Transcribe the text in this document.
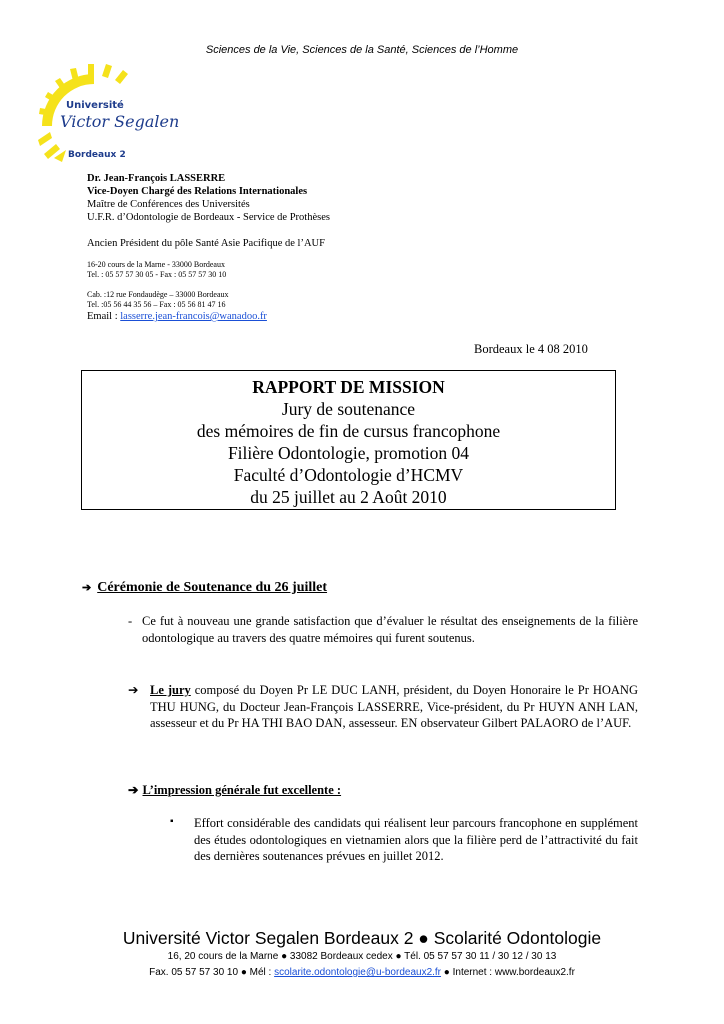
Sciences de la Vie, Sciences de la Santé, Sciences de l’Homme
Université
Victor Segalen
Bordeaux 2
Dr. Jean-François LASSERRE
Vice-Doyen Chargé des Relations Internationales
Maître de Conférences des Universités
U.F.R. d’Odontologie de Bordeaux - Service de Prothèses
Ancien Président du pôle Santé Asie Pacifique de l’AUF
16-20 cours de la Marne - 33000 Bordeaux
Tel. : 05 57 57 30 05 - Fax : 05 57 57 30 10
Cab. :12 rue Fondaudège – 33000 Bordeaux
Tel. :05 56 44 35 56 – Fax : 05 56 81 47 16
Email : lasserre.jean-francois@wanadoo.fr
Bordeaux le 4 08 2010
RAPPORT DE MISSION
Jury de soutenance
des mémoires de fin de cursus francophone
Filière Odontologie, promotion 04
Faculté d’Odontologie d’HCMV
du 25 juillet au 2 Août 2010
➔ Cérémonie de Soutenance du 26 juillet
- Ce fut à nouveau une grande satisfaction que d’évaluer le résultat des enseignements de la filière odontologique au travers des quatre mémoires qui furent soutenus.
➔ Le jury composé du Doyen Pr LE DUC LANH, président, du Doyen Honoraire le Pr HOANG THU HUNG, du Docteur Jean-François LASSERRE, Vice-président, du Pr HUYN ANH LAN, assesseur et du Pr HA THI BAO DAN, assesseur. EN observateur Gilbert PALAORO de l’AUF.
➔ L’impression générale fut excellente :
▪ Effort considérable des candidats qui réalisent leur parcours francophone en supplément des études odontologiques en vietnamien alors que la filière perd de l’attractivité du fait des dernières soutenances prévues en juillet 2012.
Université Victor Segalen Bordeaux 2 ● Scolarité Odontologie
16, 20 cours de la Marne ● 33082 Bordeaux cedex ● Tél. 05 57 57 30 11 / 30 12 / 30 13
Fax. 05 57 57 30 10 ● Mél : scolarite.odontologie@u-bordeaux2.fr ● Internet : www.bordeaux2.fr
